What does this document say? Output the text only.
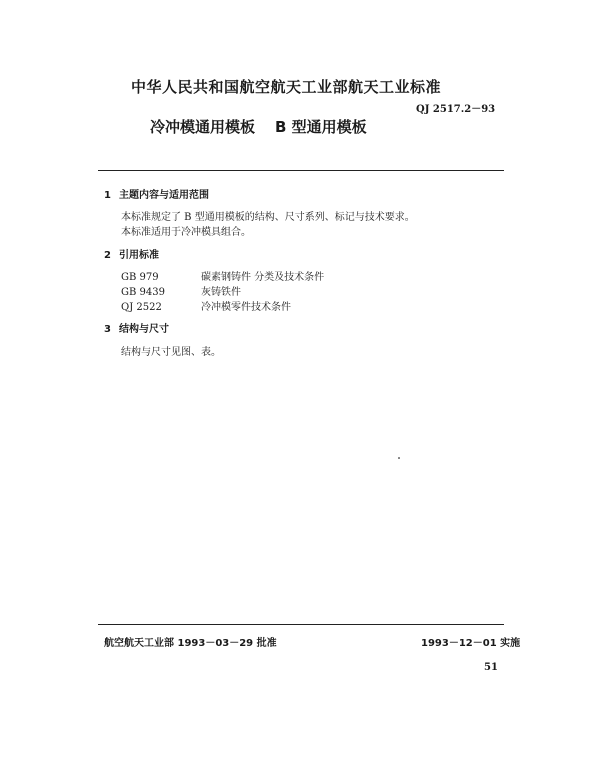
中华人民共和国航空航天工业部航天工业标准
QJ 2517.2－93
冷冲模通用模板 B 型通用模板
1 主题内容与适用范围
本标准规定了 B 型通用模板的结构、尺寸系列、标记与技术要求。
本标准适用于冷冲模具组合。
2 引用标准
GB 979	碳素钢铸件 分类及技术条件
GB 9439	灰铸铁件
QJ 2522	冷冲模零件技术条件
3 结构与尺寸
结构与尺寸见图、表。
航空航天工业部 1993－03－29 批准	1993－12－01 实施
51
